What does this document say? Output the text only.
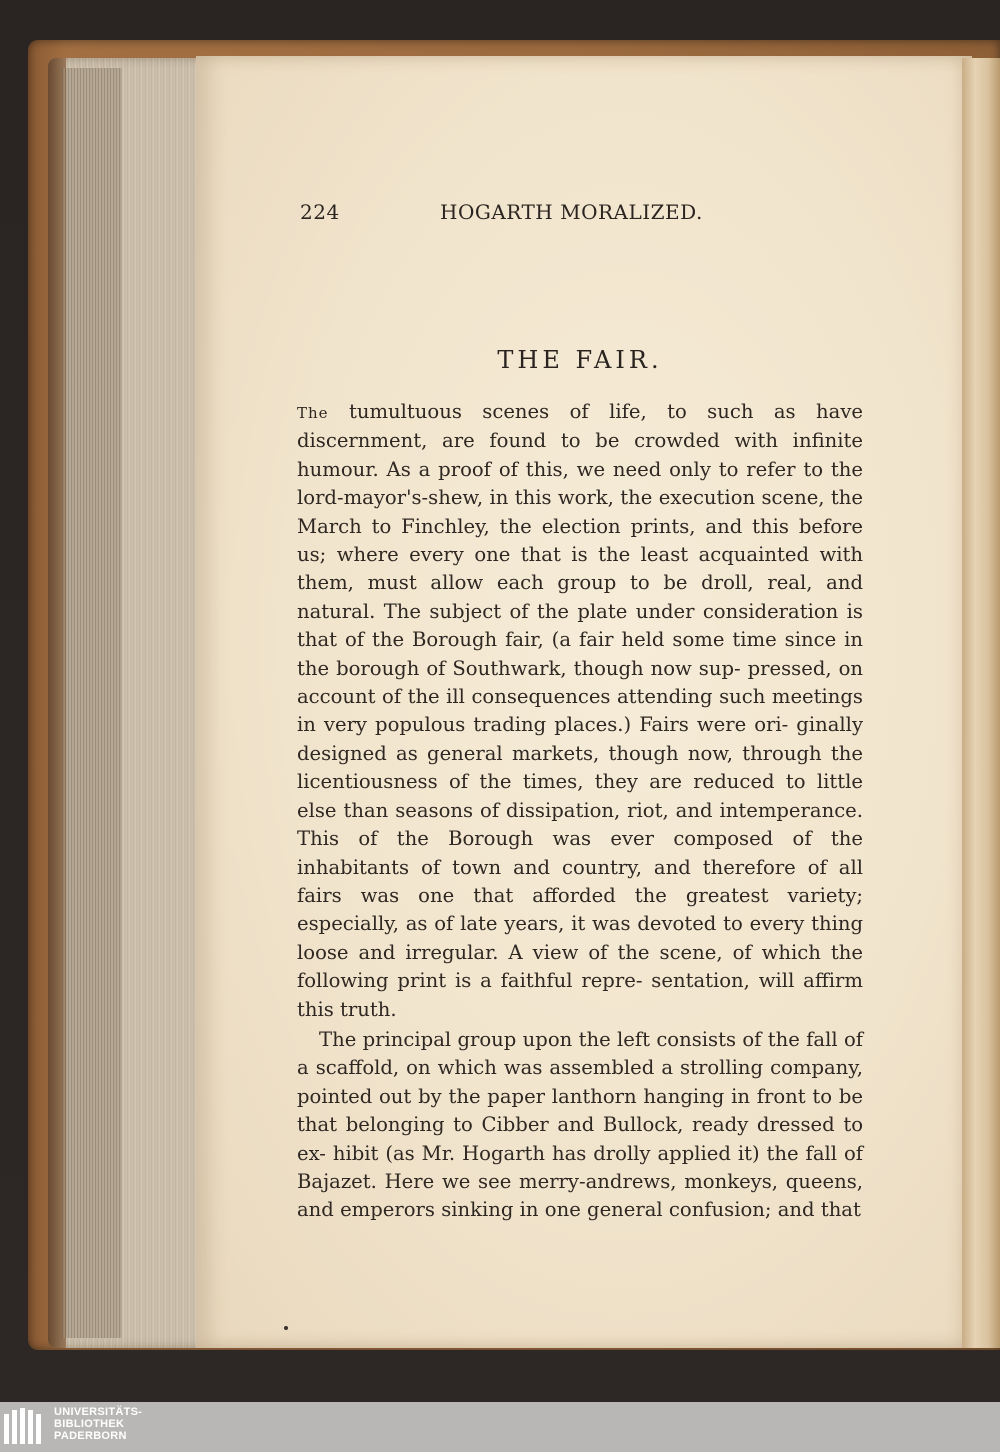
224	HOGARTH MORALIZED.
THE FAIR.

The tumultuous scenes of life, to such as have discernment, are found to be crowded with infinite humour. As a proof of this, we need only to refer to the lord-mayor's-shew, in this work, the execution scene, the March to Finchley, the election prints, and this before us; where every one that is the least acquainted with them, must allow each group to be droll, real, and natural. The subject of the plate under consideration is that of the Borough fair, (a fair held some time since in the borough of Southwark, though now sup- pressed, on account of the ill consequences attending such meetings in very populous trading places.) Fairs were ori- ginally designed as general markets, though now, through the licentiousness of the times, they are reduced to little else than seasons of dissipation, riot, and intemperance. This of the Borough was ever composed of the inhabitants of town and country, and therefore of all fairs was one that afforded the greatest variety; especially, as of late years, it was devoted to every thing loose and irregular. A view of the scene, of which the following print is a faithful repre- sentation, will affirm this truth.

The principal group upon the left consists of the fall of a scaffold, on which was assembled a strolling company, pointed out by the paper lanthorn hanging in front to be that belonging to Cibber and Bullock, ready dressed to ex- hibit (as Mr. Hogarth has drolly applied it) the fall of Bajazet. Here we see merry-andrews, monkeys, queens, and emperors sinking in one general confusion; and that

UNIVERSITÄTS-
BIBLIOTHEK
PADERBORN
